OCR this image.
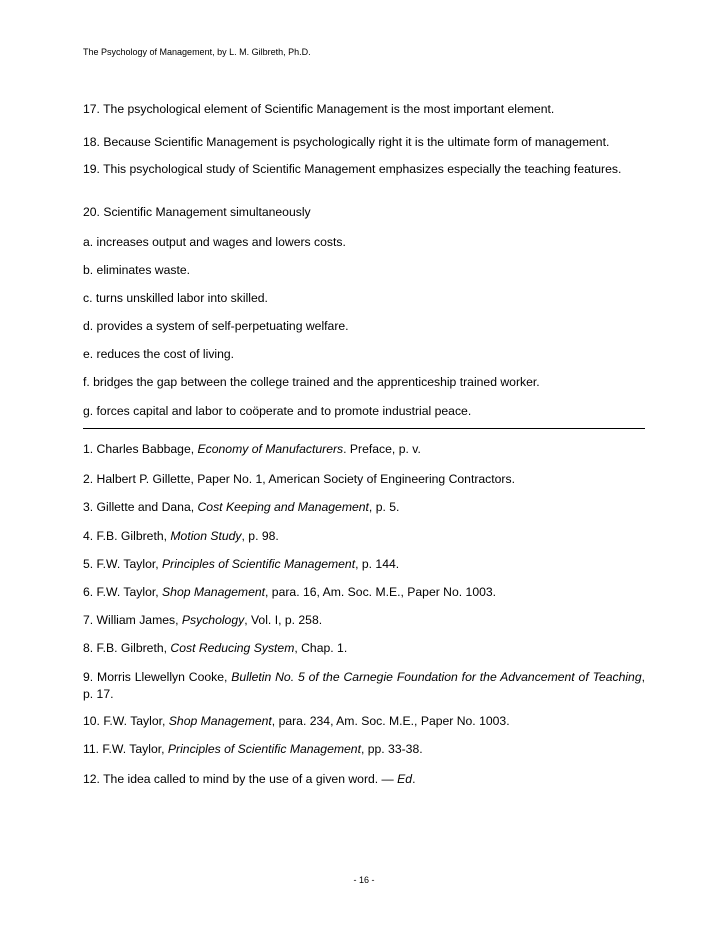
The Psychology of Management, by L. M. Gilbreth, Ph.D.
17. The psychological element of Scientific Management is the most important element.
18. Because Scientific Management is psychologically right it is the ultimate form of management.
19. This psychological study of Scientific Management emphasizes especially the teaching features.
20. Scientific Management simultaneously
a. increases output and wages and lowers costs.
b. eliminates waste.
c. turns unskilled labor into skilled.
d. provides a system of self-perpetuating welfare.
e. reduces the cost of living.
f. bridges the gap between the college trained and the apprenticeship trained worker.
g. forces capital and labor to coöperate and to promote industrial peace.
1. Charles Babbage, Economy of Manufacturers. Preface, p. v.
2. Halbert P. Gillette, Paper No. 1, American Society of Engineering Contractors.
3. Gillette and Dana, Cost Keeping and Management, p. 5.
4. F.B. Gilbreth, Motion Study, p. 98.
5. F.W. Taylor, Principles of Scientific Management, p. 144.
6. F.W. Taylor, Shop Management, para. 16, Am. Soc. M.E., Paper No. 1003.
7. William James, Psychology, Vol. I, p. 258.
8. F.B. Gilbreth, Cost Reducing System, Chap. 1.
9. Morris Llewellyn Cooke, Bulletin No. 5 of the Carnegie Foundation for the Advancement of Teaching, p. 17.
10. F.W. Taylor, Shop Management, para. 234, Am. Soc. M.E., Paper No. 1003.
11. F.W. Taylor, Principles of Scientific Management, pp. 33-38.
12. The idea called to mind by the use of a given word. — Ed.
- 16 -
